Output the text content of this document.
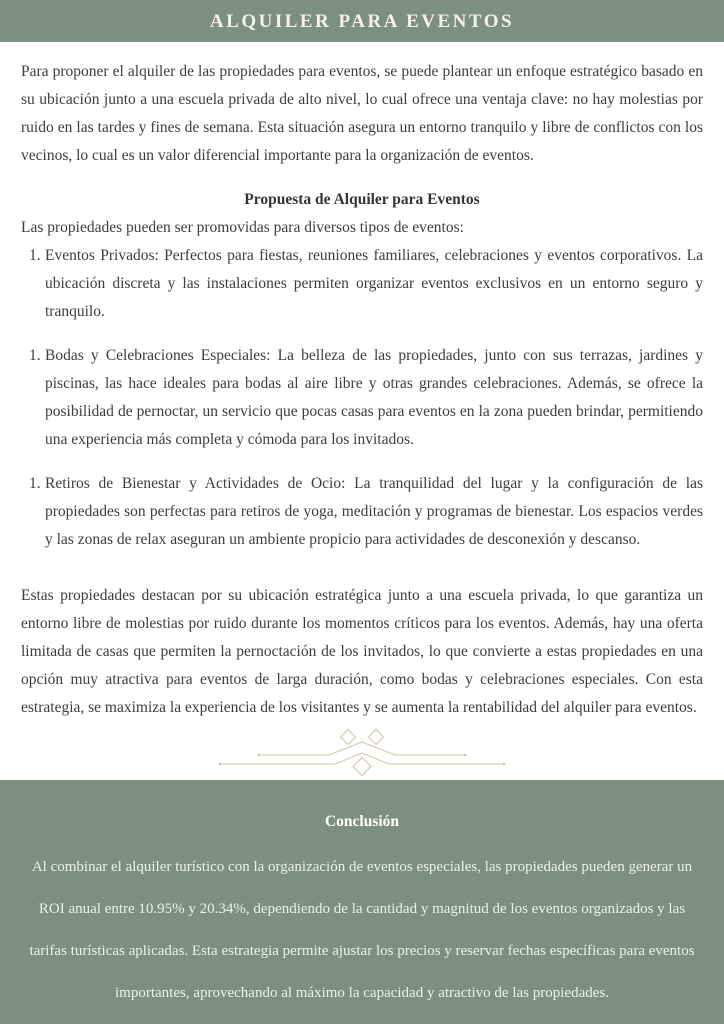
ALQUILER PARA EVENTOS

Para proponer el alquiler de las propiedades para eventos, se puede plantear un enfoque estratégico basado en su ubicación junto a una escuela privada de alto nivel, lo cual ofrece una ventaja clave: no hay molestias por ruido en las tardes y fines de semana. Esta situación asegura un entorno tranquilo y libre de conflictos con los vecinos, lo cual es un valor diferencial importante para la organización de eventos.

Propuesta de Alquiler para Eventos

Las propiedades pueden ser promovidas para diversos tipos de eventos:

1. Eventos Privados: Perfectos para fiestas, reuniones familiares, celebraciones y eventos corporativos. La ubicación discreta y las instalaciones permiten organizar eventos exclusivos en un entorno seguro y tranquilo.
1. Bodas y Celebraciones Especiales: La belleza de las propiedades, junto con sus terrazas, jardines y piscinas, las hace ideales para bodas al aire libre y otras grandes celebraciones. Además, se ofrece la posibilidad de pernoctar, un servicio que pocas casas para eventos en la zona pueden brindar, permitiendo una experiencia más completa y cómoda para los invitados.
1. Retiros de Bienestar y Actividades de Ocio: La tranquilidad del lugar y la configuración de las propiedades son perfectas para retiros de yoga, meditación y programas de bienestar. Los espacios verdes y las zonas de relax aseguran un ambiente propicio para actividades de desconexión y descanso.

Estas propiedades destacan por su ubicación estratégica junto a una escuela privada, lo que garantiza un entorno libre de molestias por ruido durante los momentos críticos para los eventos. Además, hay una oferta limitada de casas que permiten la pernoctación de los invitados, lo que convierte a estas propiedades en una opción muy atractiva para eventos de larga duración, como bodas y celebraciones especiales. Con esta estrategia, se maximiza la experiencia de los visitantes y se aumenta la rentabilidad del alquiler para eventos.

Conclusión

Al combinar el alquiler turístico con la organización de eventos especiales, las propiedades pueden generar un ROI anual entre 10.95% y 20.34%, dependiendo de la cantidad y magnitud de los eventos organizados y las tarifas turísticas aplicadas. Esta estrategia permite ajustar los precios y reservar fechas específicas para eventos importantes, aprovechando al máximo la capacidad y atractivo de las propiedades.
